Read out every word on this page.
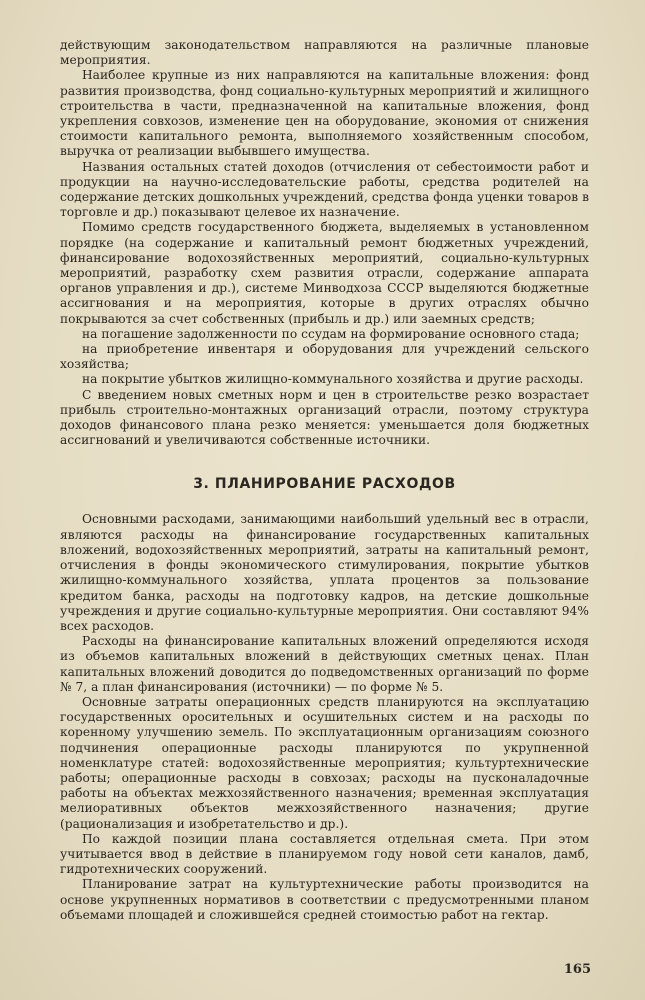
действующим законодательством направляются на различные плановые мероприятия.

Наиболее крупные из них направляются на капитальные вложения: фонд развития производства, фонд социально-культурных мероприятий и жилищного строительства в части, предназначенной на капитальные вложения, фонд укрепления совхозов, изменение цен на оборудование, экономия от снижения стоимости капитального ремонта, выполняемого хозяйственным способом, выручка от реализации выбывшего имущества.

Названия остальных статей доходов (отчисления от себестоимости работ и продукции на научно-исследовательские работы, средства родителей на содержание детских дошкольных учреждений, средства фонда уценки товаров в торговле и др.) показывают целевое их назначение.

Помимо средств государственного бюджета, выделяемых в установленном порядке (на содержание и капитальный ремонт бюджетных учреждений, финансирование водохозяйственных мероприятий, социально-культурных мероприятий, разработку схем развития отрасли, содержание аппарата органов управления и др.), системе Минводхоза СССР выделяются бюджетные ассигнования и на мероприятия, которые в других отраслях обычно покрываются за счет собственных (прибыль и др.) или заемных средств;

на погашение задолженности по ссудам на формирование основного стада;

на приобретение инвентаря и оборудования для учреждений сельского хозяйства;

на покрытие убытков жилищно-коммунального хозяйства и другие расходы.

С введением новых сметных норм и цен в строительстве резко возрастает прибыль строительно-монтажных организаций отрасли, поэтому структура доходов финансового плана резко меняется: уменьшается доля бюджетных ассигнований и увеличиваются собственные источники.

3. ПЛАНИРОВАНИЕ РАСХОДОВ

Основными расходами, занимающими наибольший удельный вес в отрасли, являются расходы на финансирование государственных капитальных вложений, водохозяйственных мероприятий, затраты на капитальный ремонт, отчисления в фонды экономического стимулирования, покрытие убытков жилищно-коммунального хозяйства, уплата процентов за пользование кредитом банка, расходы на подготовку кадров, на детские дошкольные учреждения и другие социально-культурные мероприятия. Они составляют 94% всех расходов.

Расходы на финансирование капитальных вложений определяются исходя из объемов капитальных вложений в действующих сметных ценах. План капитальных вложений доводится до подведомственных организаций по форме № 7, а план финансирования (источники) — по форме № 5.

Основные затраты операционных средств планируются на эксплуатацию государственных оросительных и осушительных систем и на расходы по коренному улучшению земель. По эксплуатационным организациям союзного подчинения операционные расходы планируются по укрупненной номенклатуре статей: водохозяйственные мероприятия; культуртехнические работы; операционные расходы в совхозах; расходы на пусконаладочные работы на объектах межхозяйственного назначения; временная эксплуатация мелиоративных объектов межхозяйственного назначения; другие (рационализация и изобретательство и др.).

По каждой позиции плана составляется отдельная смета. При этом учитывается ввод в действие в планируемом году новой сети каналов, дамб, гидротехнических сооружений.

Планирование затрат на культуртехнические работы производится на основе укрупненных нормативов в соответствии с предусмотренными планом объемами площадей и сложившейся средней стоимостью работ на гектар.

165
